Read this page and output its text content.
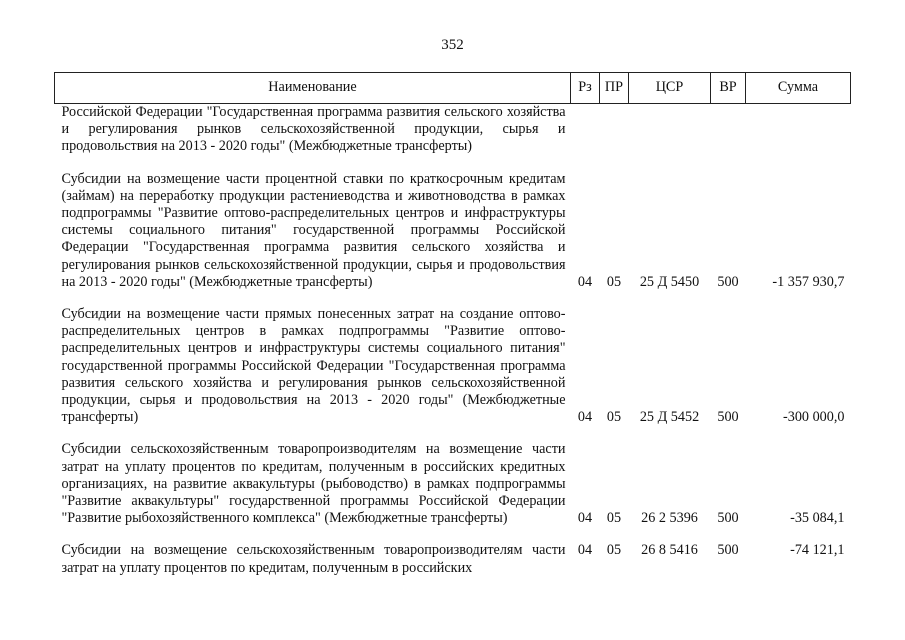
352
Наименование	Рз	ПР	ЦСР	ВР	Сумма
Российской Федерации "Государственная программа развития сельского хозяйства и регулирования рынков сельскохозяйственной продукции, сырья и продовольствия на 2013 - 2020 годы" (Межбюджетные трансферты)					
Субсидии на возмещение части процентной ставки по краткосрочным кредитам (займам) на переработку продукции растениеводства и животноводства в рамках подпрограммы "Развитие оптово-распределительных центров и инфраструктуры системы социального питания" государственной программы Российской Федерации "Государственная программа развития сельского хозяйства и регулирования рынков сельскохозяйственной продукции, сырья и продовольствия на 2013 - 2020 годы" (Межбюджетные трансферты)	04	05	25 Д 5450	500	-1 357 930,7
Субсидии на возмещение части прямых понесенных затрат на создание оптово-распределительных центров в рамках подпрограммы "Развитие оптово-распределительных центров и инфраструктуры системы социального питания" государственной программы Российской Федерации "Государственная программа развития сельского хозяйства и регулирования рынков сельскохозяйственной продукции, сырья и продовольствия на 2013 - 2020 годы" (Межбюджетные трансферты)	04	05	25 Д 5452	500	-300 000,0
Субсидии сельскохозяйственным товаропроизводителям на возмещение части затрат на уплату процентов по кредитам, полученным в российских кредитных организациях, на развитие аквакультуры (рыбоводство) в рамках подпрограммы "Развитие аквакультуры" государственной программы Российской Федерации "Развитие рыбохозяйственного комплекса" (Межбюджетные трансферты)	04	05	26 2 5396	500	-35 084,1
Субсидии на возмещение сельскохозяйственным товаропроизводителям части затрат на уплату процентов по кредитам, полученным в российских	04	05	26 8 5416	500	-74 121,1
